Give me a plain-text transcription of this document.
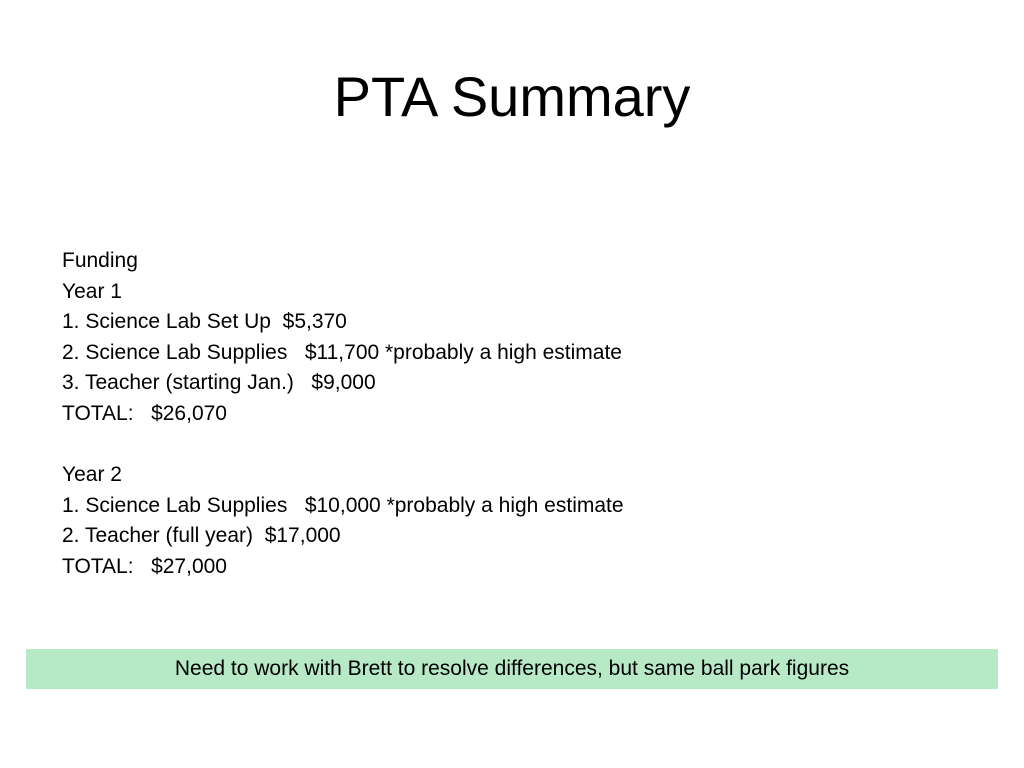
PTA Summary
Funding
Year 1
1. Science Lab Set Up  $5,370
2. Science Lab Supplies   $11,700 *probably a high estimate
3. Teacher (starting Jan.)   $9,000
TOTAL:   $26,070
Year 2
1. Science Lab Supplies   $10,000 *probably a high estimate
2. Teacher (full year)  $17,000
TOTAL:   $27,000
Need to work with Brett to resolve differences, but same ball park figures
